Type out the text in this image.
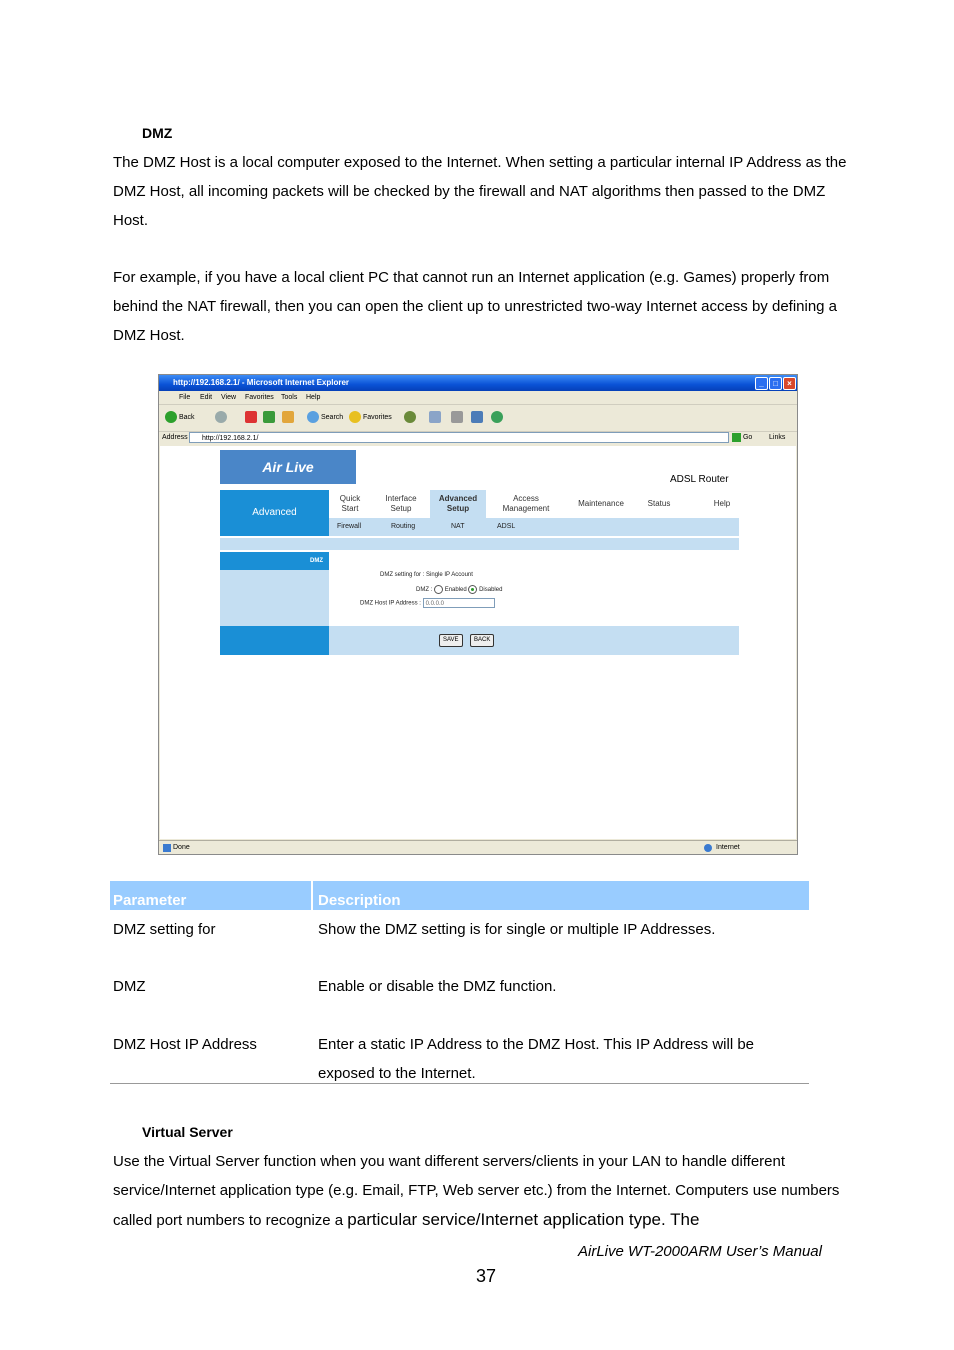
DMZ
The DMZ Host is a local computer exposed to the Internet. When setting a particular internal IP Address as the DMZ Host, all incoming packets will be checked by the firewall and NAT algorithms then passed to the DMZ Host.
For example, if you have a local client PC that cannot run an Internet application (e.g. Games) properly from behind the NAT firewall, then you can open the client up to unrestricted two-way Internet access by defining a DMZ Host.
http://192.168.2.1/ - Microsoft Internet Explorer	_	□	×
File Edit View Favorites Tools Help
Back	Search	Favorites
Address	http://192.168.2.1/	Go Links
Air Live
ADSL Router
Advanced
Quick Start
Interface Setup
Advanced Setup
Access Management
Maintenance	Status	Help
Firewall	Routing	NAT	ADSL
DMZ
DMZ setting for : Single IP Account
DMZ : Enabled Disabled
DMZ Host IP Address : 0.0.0.0
SAVE	BACK
Done	Internet
Parameter	Description
DMZ setting for	Show the DMZ setting is for single or multiple IP Addresses.
DMZ	Enable or disable the DMZ function.
DMZ Host IP Address	Enter a static IP Address to the DMZ Host. This IP Address will be exposed to the Internet.
Virtual Server
Use the Virtual Server function when you want different servers/clients in your LAN to handle different service/Internet application type (e.g. Email, FTP, Web server etc.) from the Internet. Computers use numbers called port numbers to recognize a particular service/Internet application type. The
AirLive WT-2000ARM User’s Manual
37
